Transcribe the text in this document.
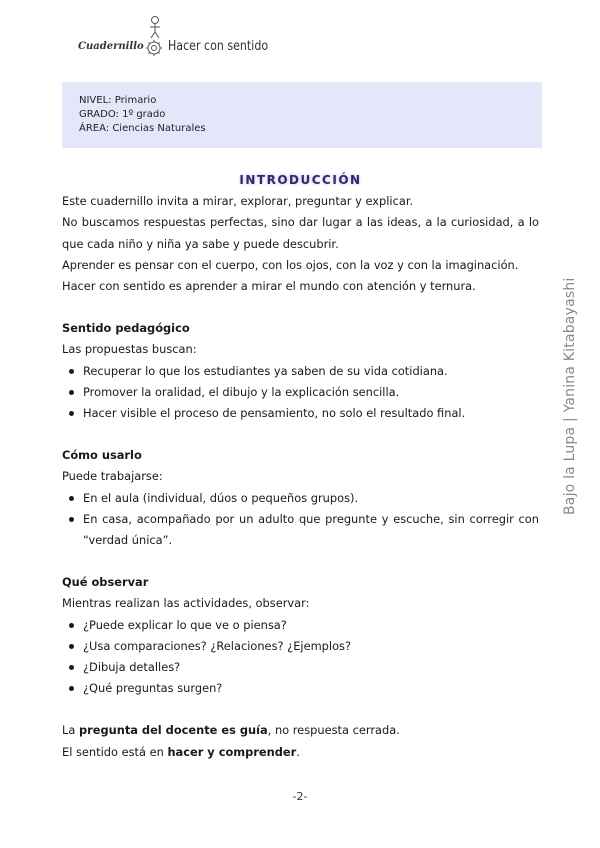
Cuadernillo Hacer con sentido
NIVEL: Primario
GRADO: 1º grado
ÁREA: Ciencias Naturales
INTRODUCCIÓN

Este cuadernillo invita a mirar, explorar, preguntar y explicar.

No buscamos respuestas perfectas, sino dar lugar a las ideas, a la curiosidad, a lo que cada niño y niña ya sabe y puede descubrir.

Aprender es pensar con el cuerpo, con los ojos, con la voz y con la imaginación.

Hacer con sentido es aprender a mirar el mundo con atención y ternura.

Sentido pedagógico

Las propuestas buscan:

Recuperar lo que los estudiantes ya saben de su vida cotidiana.
Promover la oralidad, el dibujo y la explicación sencilla.
Hacer visible el proceso de pensamiento, no solo el resultado final.
Cómo usarlo

Puede trabajarse:

En el aula (individual, dúos o pequeños grupos).
En casa, acompañado por un adulto que pregunte y escuche, sin corregir con “verdad única”.
Qué observar

Mientras realizan las actividades, observar:

¿Puede explicar lo que ve o piensa?
¿Usa comparaciones? ¿Relaciones? ¿Ejemplos?
¿Dibuja detalles?
¿Qué preguntas surgen?

La pregunta del docente es guía, no respuesta cerrada.

El sentido está en hacer y comprender.

-2-
Bajo la Lupa | Yanina Kitabayashi
